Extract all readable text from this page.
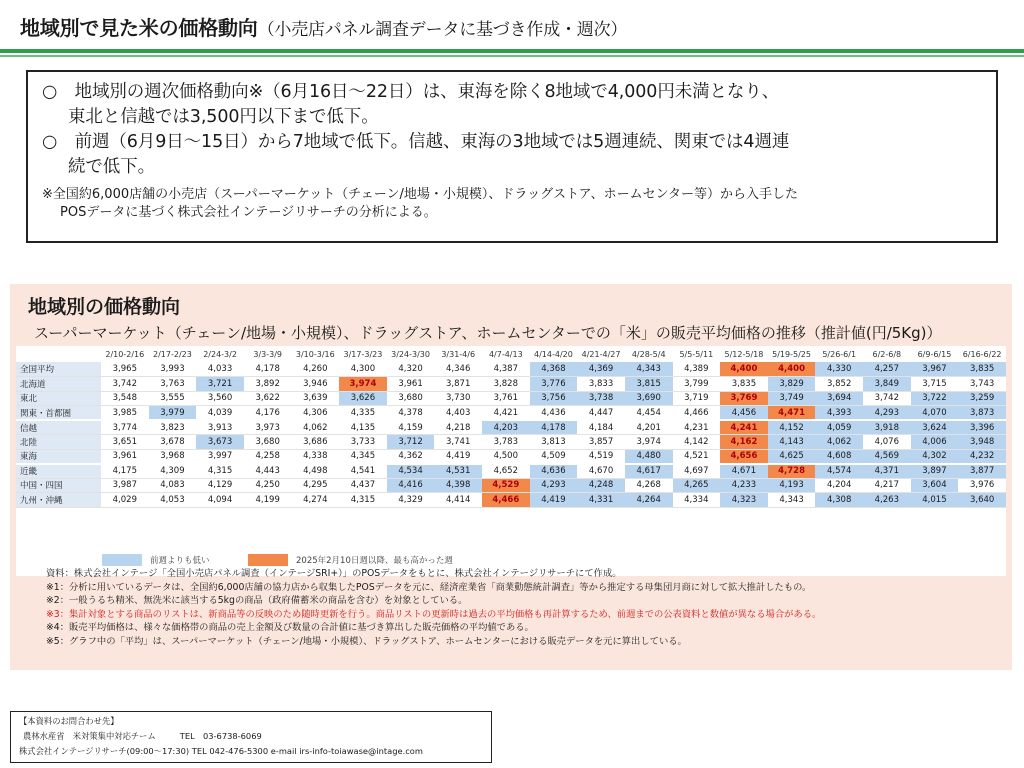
地域別で見た米の価格動向（小売店パネル調査データに基づき作成・週次）
○　地域別の週次価格動向※（6月16日～22日）は、東海を除く8地域で4,000円未満となり、
東北と信越では3,500円以下まで低下。
○　前週（6月9日～15日）から7地域で低下。信越、東海の3地域では5週連続、関東では4週連
続で低下。
※全国約6,000店舗の小売店（スーパーマーケット（チェーン/地場・小規模）、ドラッグストア、ホームセンター等）から入手した
POSデータに基づく株式会社インテージリサーチの分析による。
地域別の価格動向
スーパーマーケット（チェーン/地場・小規模）、ドラッグストア、ホームセンターでの「米」の販売平均価格の推移（推計値(円/5Kg)）
	2/10-2/16	2/17-2/23	2/24-3/2	3/3-3/9	3/10-3/16	3/17-3/23	3/24-3/30	3/31-4/6	4/7-4/13	4/14-4/20	4/21-4/27	4/28-5/4	5/5-5/11	5/12-5/18	5/19-5/25	5/26-6/1	6/2-6/8	6/9-6/15	6/16-6/22
全国平均	3,965	3,993	4,033	4,178	4,260	4,300	4,320	4,346	4,387	4,368	4,369	4,343	4,389	4,400	4,400	4,330	4,257	3,967	3,835
北海道	3,742	3,763	3,721	3,892	3,946	3,974	3,961	3,871	3,828	3,776	3,833	3,815	3,799	3,835	3,829	3,852	3,849	3,715	3,743
東北	3,548	3,555	3,560	3,622	3,639	3,626	3,680	3,730	3,761	3,756	3,738	3,690	3,719	3,769	3,749	3,694	3,742	3,722	3,259
関東・首都圏	3,985	3,979	4,039	4,176	4,306	4,335	4,378	4,403	4,421	4,436	4,447	4,454	4,466	4,456	4,471	4,393	4,293	4,070	3,873
信越	3,774	3,823	3,913	3,973	4,062	4,135	4,159	4,218	4,203	4,178	4,184	4,201	4,231	4,241	4,152	4,059	3,918	3,624	3,396
北陸	3,651	3,678	3,673	3,680	3,686	3,733	3,712	3,741	3,783	3,813	3,857	3,974	4,142	4,162	4,143	4,062	4,076	4,006	3,948
東海	3,961	3,968	3,997	4,258	4,338	4,345	4,362	4,419	4,500	4,509	4,519	4,480	4,521	4,656	4,625	4,608	4,569	4,302	4,232
近畿	4,175	4,309	4,315	4,443	4,498	4,541	4,534	4,531	4,652	4,636	4,670	4,617	4,697	4,671	4,728	4,574	4,371	3,897	3,877
中国・四国	3,987	4,083	4,129	4,250	4,295	4,437	4,416	4,398	4,529	4,293	4,248	4,268	4,265	4,233	4,193	4,204	4,217	3,604	3,976
九州・沖縄	4,029	4,053	4,094	4,199	4,274	4,315	4,329	4,414	4,466	4,419	4,331	4,264	4,334	4,323	4,343	4,308	4,263	4,015	3,640
前週よりも低い	2025年2月10日週以降、最も高かった週
資料：株式会社インテージ「全国小売店パネル調査（インテージSRI+）」のPOSデータをもとに、株式会社インテージリサーチにて作成。
※1：分析に用いているデータは、全国約6,000店舗の協力店から収集したPOSデータを元に、経済産業省「商業動態統計調査」等から推定する母集団月商に対して拡大推計したもの。
※2：一般うるち精米、無洗米に該当する5kgの商品（政府備蓄米の商品を含む）を対象としている。
※3：集計対象とする商品のリストは、新商品等の反映のため随時更新を行う。商品リストの更新時は過去の平均価格も再計算するため、前週までの公表資料と数値が異なる場合がある。
※4：販売平均価格は、様々な価格帯の商品の売上金額及び数量の合計値に基づき算出した販売価格の平均値である。
※5：グラフ中の「平均」は、スーパーマーケット（チェーン/地場・小規模）、ドラッグストア、ホームセンターにおける販売データを元に算出している。
【本資料のお問合わせ先】
農林水産省　米対策集中対応チーム	TEL　03-6738-6069
株式会社インテージリサーチ(09:00～17:30) TEL 042-476-5300 e-mail irs-info-toiawase@intage.com
